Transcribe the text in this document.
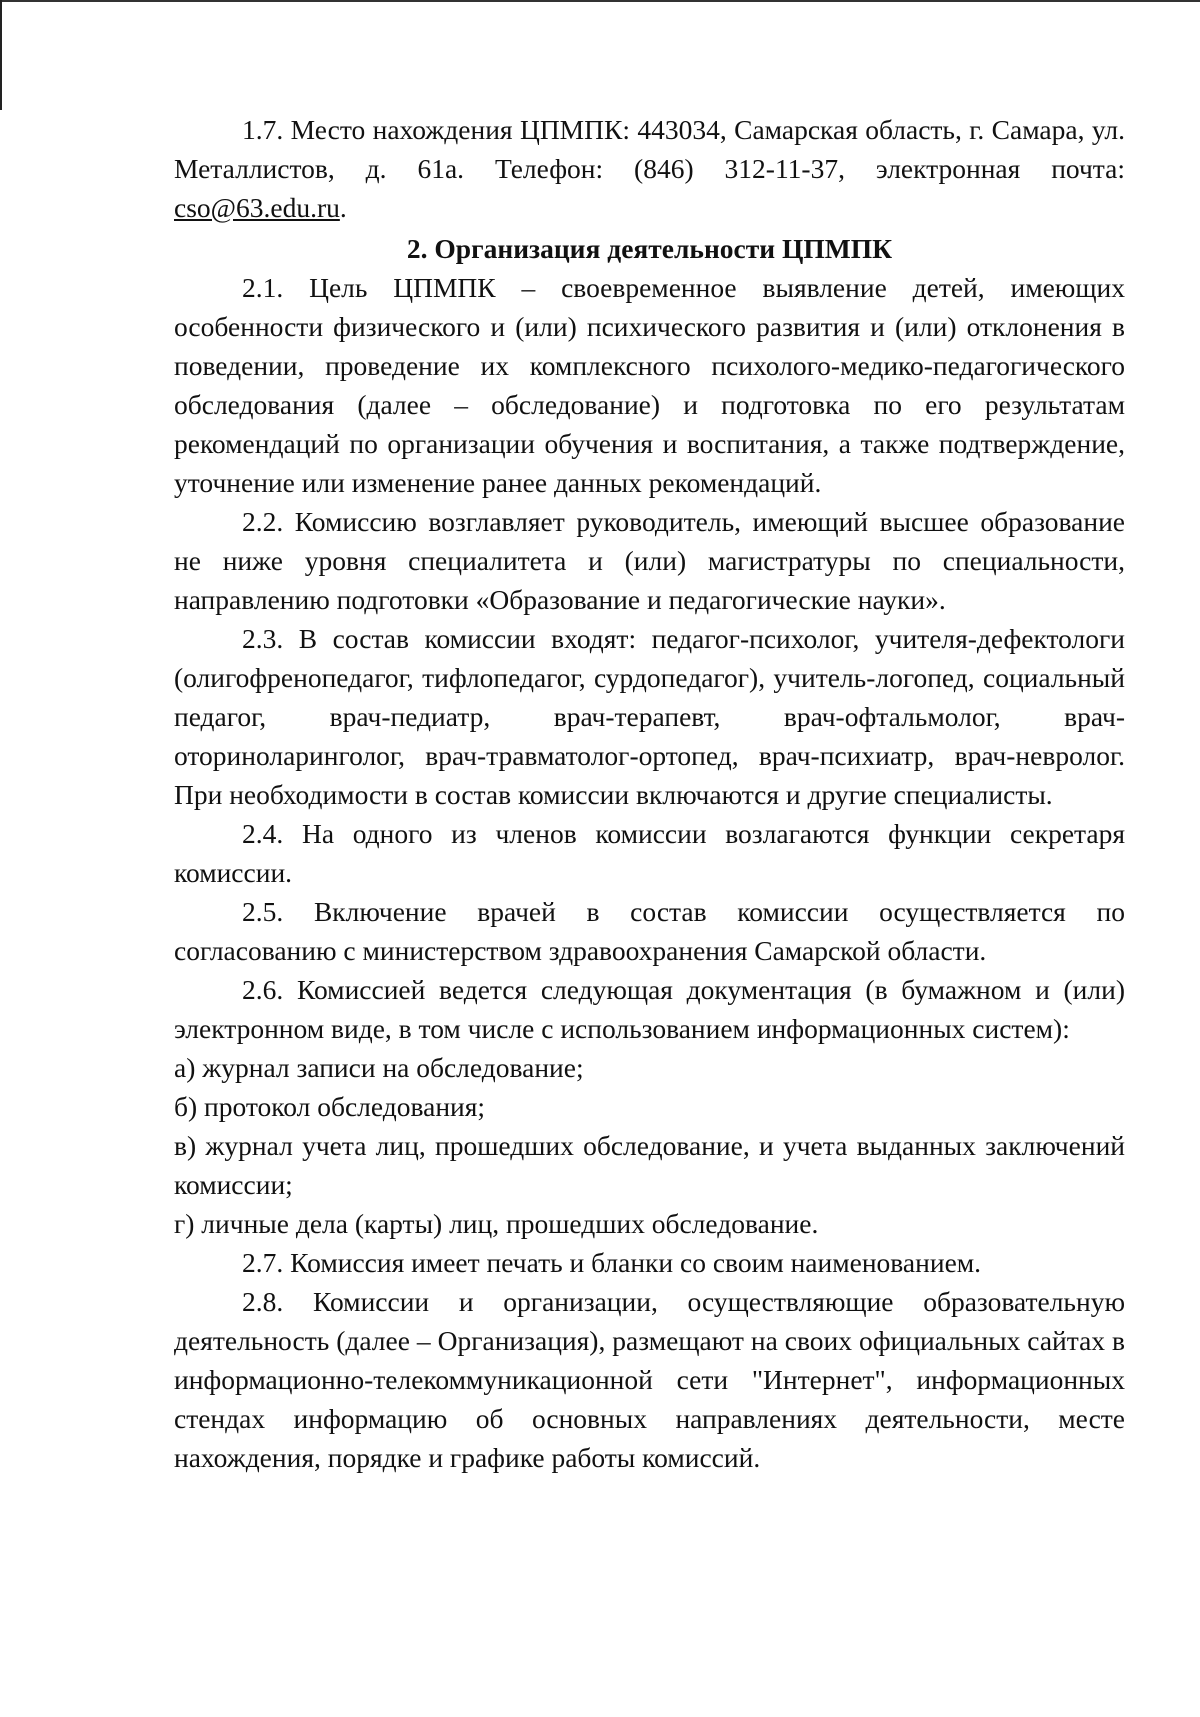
1.7. Место нахождения ЦПМПК: 443034, Самарская область, г. Самара, ул. Металлистов, д. 61а. Телефон: (846) 312-11-37, электронная почта: cso@63.edu.ru.

2. Организация деятельности ЦПМПК

2.1. Цель ЦПМПК – своевременное выявление детей, имеющих особенности физического и (или) психического развития и (или) отклонения в поведении, проведение их комплексного психолого-медико-педагогического обследования (далее – обследование) и подготовка по его результатам рекомендаций по организации обучения и воспитания, а также подтверждение, уточнение или изменение ранее данных рекомендаций.

2.2. Комиссию возглавляет руководитель, имеющий высшее образование не ниже уровня специалитета и (или) магистратуры по специальности, направлению подготовки «Образование и педагогические науки».

2.3. В состав комиссии входят: педагог-психолог, учителя-дефектологи (олигофренопедагог, тифлопедагог, сурдопедагог), учитель-логопед, социальный педагог, врач-педиатр, врач-терапевт, врач-офтальмолог, врач-оториноларинголог, врач-травматолог-ортопед, врач-психиатр, врач-невролог. При необходимости в состав комиссии включаются и другие специалисты.

2.4. На одного из членов комиссии возлагаются функции секретаря комиссии.

2.5. Включение врачей в состав комиссии осуществляется по согласованию с министерством здравоохранения Самарской области.

2.6. Комиссией ведется следующая документация (в бумажном и (или) электронном виде, в том числе с использованием информационных систем):

а) журнал записи на обследование;

б) протокол обследования;

в) журнал учета лиц, прошедших обследование, и учета выданных заключений комиссии;

г) личные дела (карты) лиц, прошедших обследование.

2.7. Комиссия имеет печать и бланки со своим наименованием.

2.8. Комиссии и организации, осуществляющие образовательную деятельность (далее – Организация), размещают на своих официальных сайтах в информационно-телекоммуникационной сети "Интернет", информационных стендах информацию об основных направлениях деятельности, месте нахождения, порядке и графике работы комиссий.
